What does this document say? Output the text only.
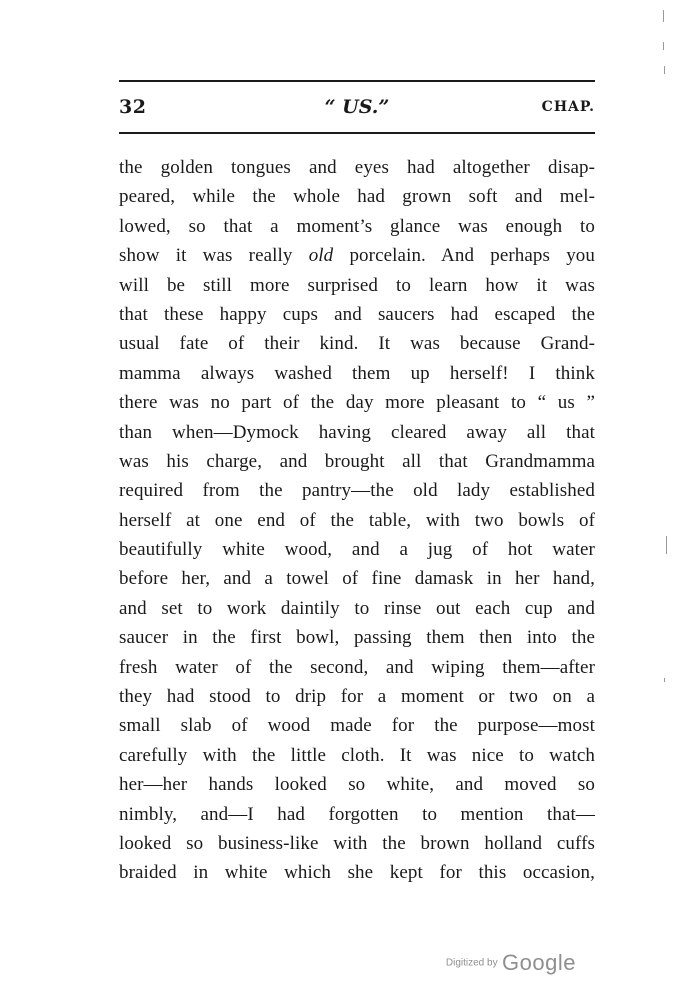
32	“ US.”	CHAP.
the golden tongues and eyes had altogether disap-
peared, while the whole had grown soft and mel-
lowed, so that a moment’s glance was enough to
show it was really old porcelain. And perhaps you
will be still more surprised to learn how it was
that these happy cups and saucers had escaped the
usual fate of their kind. It was because Grand-
mamma always washed them up herself! I think
there was no part of the day more pleasant to “ us ”
than when—Dymock having cleared away all that
was his charge, and brought all that Grandmamma
required from the pantry—the old lady established
herself at one end of the table, with two bowls of
beautifully white wood, and a jug of hot water
before her, and a towel of fine damask in her hand,
and set to work daintily to rinse out each cup and
saucer in the first bowl, passing them then into the
fresh water of the second, and wiping them—after
they had stood to drip for a moment or two on a
small slab of wood made for the purpose—most
carefully with the little cloth. It was nice to watch
her—her hands looked so white, and moved so
nimbly, and—I had forgotten to mention that—
looked so business-like with the brown holland cuffs
braided in white which she kept for this occasion,
Digitized by Google
